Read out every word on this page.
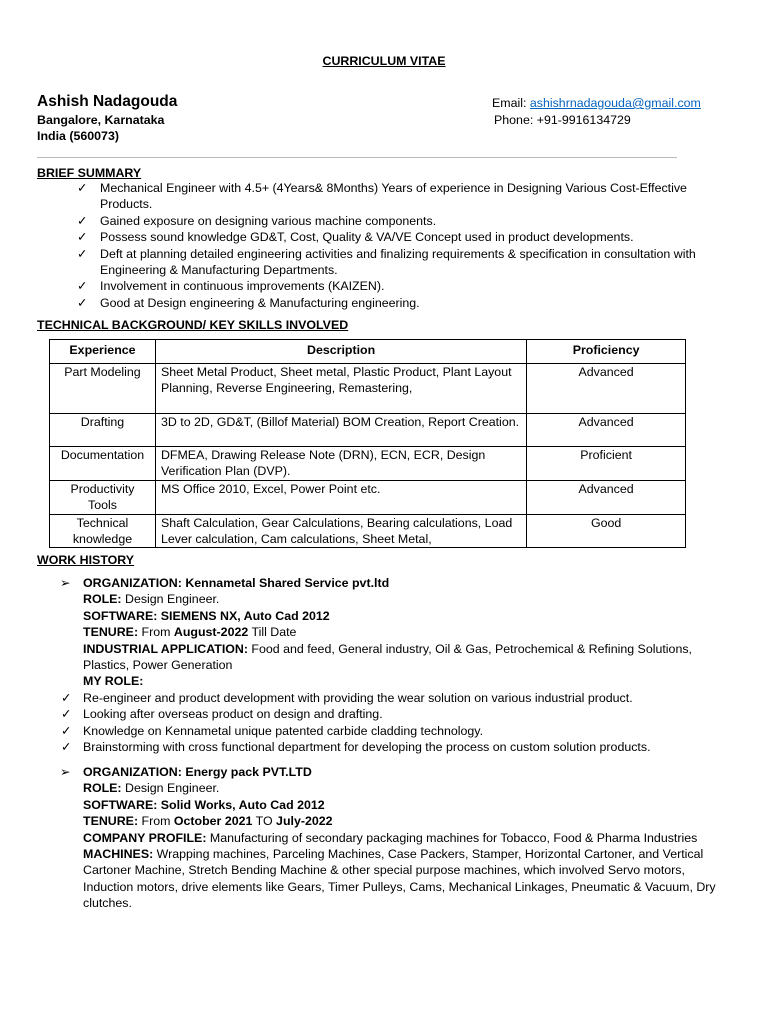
CURRICULUM VITAE
Ashish Nadagouda
Bangalore, Karnataka
India (560073)
Email: ashishrnadagouda@gmail.com
Phone: +91-9916134729
BRIEF SUMMARY
✓ Mechanical Engineer with 4.5+ (4Years& 8Months) Years of experience in Designing Various Cost-Effective Products.
✓ Gained exposure on designing various machine components.
✓ Possess sound knowledge GD&T, Cost, Quality & VA/VE Concept used in product developments.
✓ Deft at planning detailed engineering activities and finalizing requirements & specification in consultation with Engineering & Manufacturing Departments.
✓ Involvement in continuous improvements (KAIZEN).
✓ Good at Design engineering & Manufacturing engineering.
TECHNICAL BACKGROUND/ KEY SKILLS INVOLVED
Experience	Description	Proficiency
Part Modeling	Sheet Metal Product, Sheet metal, Plastic Product, Plant Layout Planning, Reverse Engineering, Remastering,	Advanced
Drafting	3D to 2D, GD&T, (Billof Material) BOM Creation, Report Creation.	Advanced
Documentation	DFMEA, Drawing Release Note (DRN), ECN, ECR, Design Verification Plan (DVP).	Proficient
Productivity Tools	MS Office 2010, Excel, Power Point etc.	Advanced
Technical knowledge	Shaft Calculation, Gear Calculations, Bearing calculations, Load Lever calculation, Cam calculations, Sheet Metal,	Good
WORK HISTORY
➢	ORGANIZATION: Kennametal Shared Service pvt.ltd

ROLE: Design Engineer.

SOFTWARE: SIEMENS NX, Auto Cad 2012

TENURE: From August-2022 Till Date

INDUSTRIAL APPLICATION: Food and feed, General industry, Oil & Gas, Petrochemical & Refining Solutions, Plastics, Power Generation

MY ROLE:

✓ Re-engineer and product development with providing the wear solution on various industrial product.
✓ Looking after overseas product on design and drafting.
✓ Knowledge on Kennametal unique patented carbide cladding technology.
✓ Brainstorming with cross functional department for developing the process on custom solution products.
➢	ORGANIZATION: Energy pack PVT.LTD

ROLE: Design Engineer.

SOFTWARE: Solid Works, Auto Cad 2012

TENURE: From October 2021 TO July-2022

COMPANY PROFILE: Manufacturing of secondary packaging machines for Tobacco, Food & Pharma Industries

MACHINES: Wrapping machines, Parceling Machines, Case Packers, Stamper, Horizontal Cartoner, and Vertical Cartoner Machine, Stretch Bending Machine & other special purpose machines, which involved Servo motors, Induction motors, drive elements like Gears, Timer Pulleys, Cams, Mechanical Linkages, Pneumatic & Vacuum, Dry clutches.
